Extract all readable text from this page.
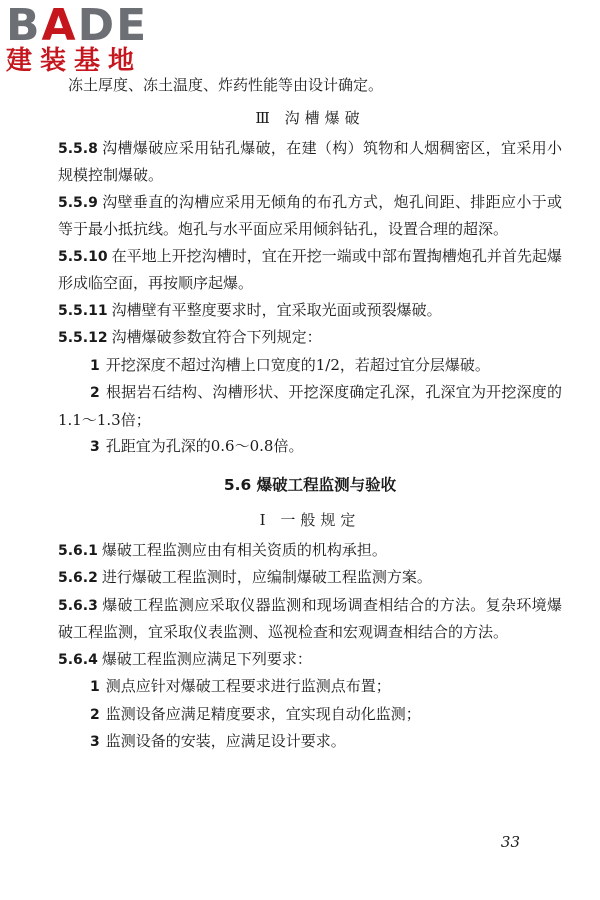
BADE
建装基地

冻土厚度、冻土温度、炸药性能等由设计确定。

Ⅲ 沟槽爆破

5.5.8 沟槽爆破应采用钻孔爆破，在建（构）筑物和人烟稠密区，宜采用小规模控制爆破。

5.5.9 沟壁垂直的沟槽应采用无倾角的布孔方式，炮孔间距、排距应小于或等于最小抵抗线。炮孔与水平面应采用倾斜钻孔，设置合理的超深。

5.5.10 在平地上开挖沟槽时，宜在开挖一端或中部布置掏槽炮孔并首先起爆形成临空面，再按顺序起爆。

5.5.11 沟槽壁有平整度要求时，宜采取光面或预裂爆破。

5.5.12 沟槽爆破参数宜符合下列规定：

1 开挖深度不超过沟槽上口宽度的1/2，若超过宜分层爆破。

2 根据岩石结构、沟槽形状、开挖深度确定孔深，孔深宜为开挖深度的1.1～1.3倍；

3 孔距宜为孔深的0.6～0.8倍。

5.6 爆破工程监测与验收
Ⅰ 一般规定

5.6.1 爆破工程监测应由有相关资质的机构承担。

5.6.2 进行爆破工程监测时，应编制爆破工程监测方案。

5.6.3 爆破工程监测应采取仪器监测和现场调查相结合的方法。复杂环境爆破工程监测，宜采取仪表监测、巡视检查和宏观调查相结合的方法。

5.6.4 爆破工程监测应满足下列要求：

1 测点应针对爆破工程要求进行监测点布置；

2 监测设备应满足精度要求，宜实现自动化监测；

3 监测设备的安装，应满足设计要求。

33
